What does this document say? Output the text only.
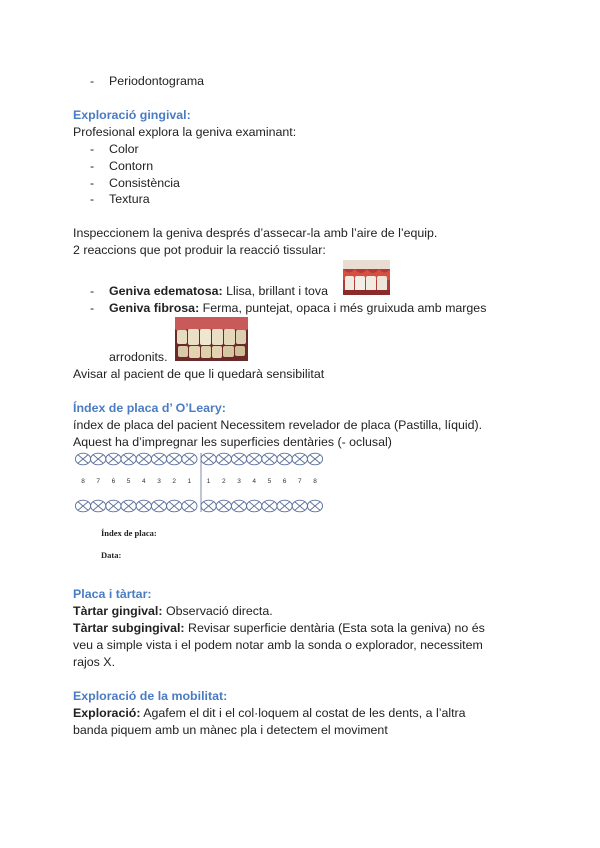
- Periodontograma
Exploració gingival:
Profesional explora la geniva examinant:
- Color
- Contorn
- Consistència
- Textura
Inspeccionem la geniva després d’assecar-la amb l’aire de l’equip.
2 reaccions que pot produir la reacció tissular:
- Geniva edematosa: Llisa, brillant i tova
- Geniva fibrosa: Ferma, puntejat, opaca i més gruixuda amb marges
arrodonits.
Avisar al pacient de que li quedarà sensibilitat
Índex de placa d’ O’Leary:
índex de placa del pacient Necessitem revelador de placa (Pastilla, líquid).
Aquest ha d’impregnar les superficies dentàries (- oclusal)
8 7 6 5 4 3 2 1 1 2 3 4 5 6 7 8
Índex de placa:
Data:
Placa i tàrtar:
Tàrtar gingival: Observació directa.
Tàrtar subgingival: Revisar superficie dentària (Esta sota la geniva) no és
veu a simple vista i el podem notar amb la sonda o explorador, necessitem
rajos X.
Exploració de la mobilitat:
Exploració: Agafem el dit i el col·loquem al costat de les dents, a l’altra
banda piquem amb un mànec pla i detectem el moviment
